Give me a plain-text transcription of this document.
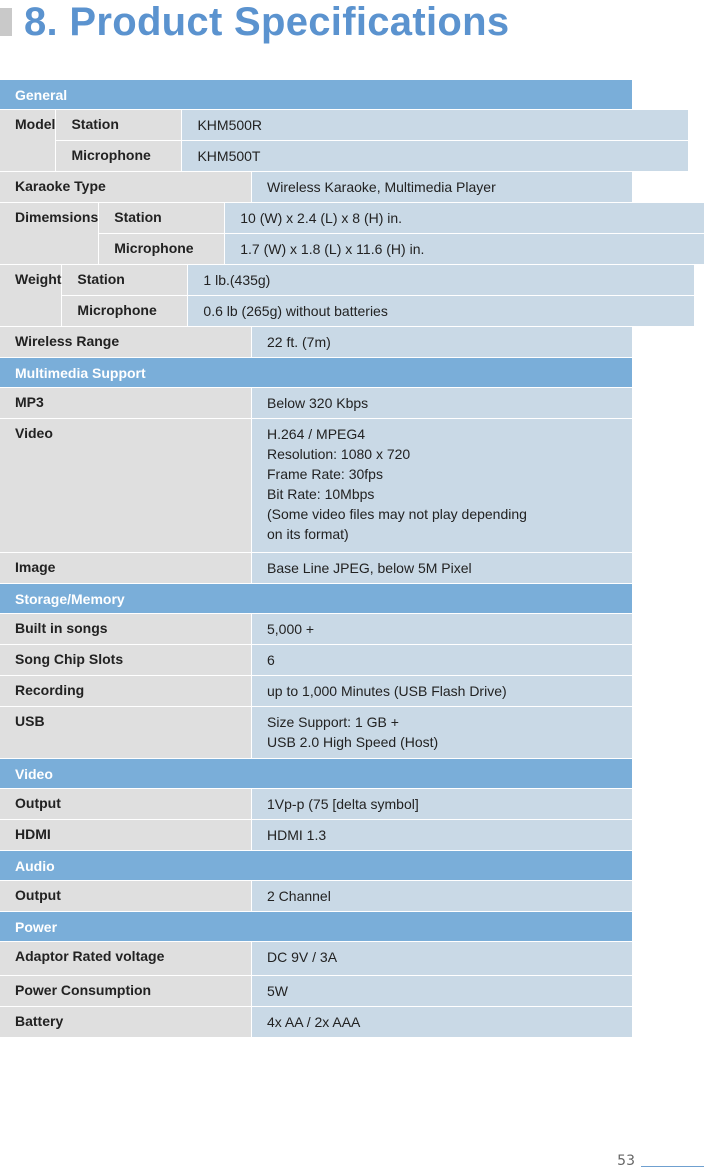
8. Product Specifications
General
Model	Station	KHM500R
Microphone	KHM500T
Karaoke Type	Wireless Karaoke, Multimedia Player
Dimemsions	Station	10 (W) x 2.4 (L) x 8 (H) in.
Microphone	1.7 (W) x 1.8 (L) x 11.6 (H) in.
Weight	Station	1 lb.(435g)
Microphone	0.6 lb (265g) without batteries
Wireless Range	22 ft. (7m)
Multimedia Support
MP3	Below 320 Kbps
Video	H.264 / MPEG4
Resolution: 1080 x 720
Frame Rate: 30fps
Bit Rate: 10Mbps
(Some video files may not play depending
on its format)
Image	Base Line JPEG, below 5M Pixel
Storage/Memory
Built in songs	5,000 +
Song Chip Slots	6
Recording	up to 1,000 Minutes (USB Flash Drive)
USB	Size Support: 1 GB +
USB 2.0 High Speed (Host)
Video
Output	1Vp-p (75 [delta symbol]
HDMI	HDMI 1.3
Audio
Output	2 Channel
Power
Adaptor Rated voltage	DC 9V / 3A
Power Consumption	5W
Battery	4x AA / 2x AAA
53
